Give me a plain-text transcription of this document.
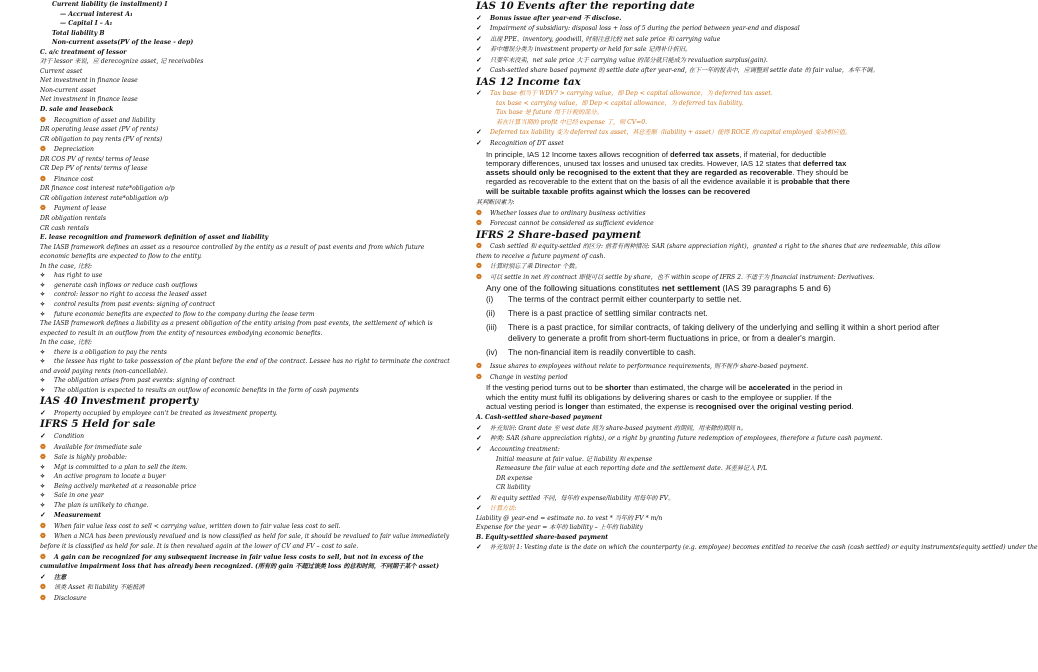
Current liability (ie installment) I
— Accrual interest A₁
— Capital I – A₁
Total liability B
Non-current assets(PV of the lease - dep)
C. a/c treatment of lessor
对于 lessor 来说，应 derecognize asset, 记 receivables
Current asset
Net investment in finance lease
Non-current asset
Net investment in finance lease
D. sale and leaseback
❁ Recognition of asset and liability
DR operating lease asset (PV of rents)
CR obligation to pay rents (PV of rents)
❁ Depreciation
DR COS PV of rents/ terms of lease
CR Dep PV of rents/ terms of lease
❁ Finance cost
DR finance cost interest rate*obligation o/p
CR obligation interest rate*obligation o/p
❁ Payment of lease
DR obligation rentals
CR cash rentals
E. lease recognition and framework definition of asset and liability
The IASB framework defines an asset as a resource controlled by the entity as a result of past events and from which future economic benefits are expected to flow to the entity.
In the case, 比较:
✧ has right to use
✧ generate cash inflows or reduce cash outflows
✧ control: lessor no right to access the leased asset
✧ control results from past events: signing of contract
✧ future economic benefits are expected to flow to the company during the lease term
The IASB framework defines a liability as a present obligation of the entity arising from past events, the settlement of which is expected to result in an outflow from the entity of resources embodying economic benefits.
In the case, 比较:
✧ there is a obligation to pay the rents
✧ the lessee has right to take possession of the plant before the end of the contract. Lessee has no right to terminate the contract and avoid paying rents (non-cancellable).
✧ The obligation arises from past events: signing of contract
✧ The obligation is expected to results an outflow of economic benefits in the form of cash payments
IAS 40 Investment property
✓ Property occupied by employee can't be treated as investment property.
IFRS 5 Held for sale
✓ Condition
❁ Available for immediate sale
❁ Sale is highly probable:
✧ Mgt is committed to a plan to sell the item.
✧ An active program to locate a buyer
✧ Being actively marketed at a reasonable price
✧ Sale in one year
✧ The plan is unlikely to change.
✓ Measurement
❁ When fair value less cost to sell < carrying value, written down to fair value less cost to sell.
❁ When a NCA has been previously revalued and is now classified as held for sale, it should be revalued to fair value immediately before it is classified as held for sale. It is then revalued again at the lower of CV and FV – cost to sale.
❁ A gain can be recognized for any subsequent increase in fair value less costs to sell, but not in excess of the cumulative impairment loss that has already been recognized. (所有的 gain 不超过该类 loss 的总和时间，不同期于某个 asset)
✓ 注意
❁ 该类 Asset 和 liability 不能抵消
❁ Disclosure
IAS 10 Events after the reporting date
✓ Bonus issue after year-end 不 disclose.
✓ Impairment of subsidiary: disposal loss + loss of 5 during the period between year-end and disposal
✓ 出现 PPE、inventory, goodwill, 时刻注意比较 net sale price 和 carrying value
✓ 若中增误分类为 investment property or held for sale 记得补计折旧。
✓ 只要年末没卖，net sale price 大于 carrying value 的部分就只能成为 revaluation surplus(gain).
✓ Cash-settled share based payment 的 settle date after year-end, 在下一年的报表中，应调整到 settle date 的 fair value，本年不调。
IAS 12 Income tax
✓ Tax base 相当于 WDV? > carrying value，即 Dep < capital allowance，为 deferred tax asset.
tax base < carrying value，即 Dep < capital allowance，为 deferred tax liability.
Tax base 是 future 用于计税的部分。
若在计算当期的 profit 中已经 expense 了，则 CV=0.
✓ Deferred tax liability 变为 deferred tax asset，其总差额（liability + asset）使得 ROCE 的 capital employed 变动相应值。
✓ Recognition of DT asset
In principle, IAS 12 Income taxes allows recognition of deferred tax assets, if material, for deductible
temporary differences, unused tax losses and unused tax credits. However, IAS 12 states that deferred tax
assets should only be recognised to the extent that they are regarded as recoverable. They should be
regarded as recoverable to the extent that on the basis of all the evidence available it is probable that there
will be suitable taxable profits against which the losses can be recovered
其判断因素为:
❁ Whether losses due to ordinary business activities
❁ Forecast cannot be considered as sufficient evidence
IFRS 2 Share-based payment
❁ Cash settled 和 equity-settled 的区分: 前者有两种情况: SAR (share appreciation right)，granted a right to the shares that are redeemable, this allow them to receive a future payment of cash.
❁ 计算时别忘了乘 Director 个数。
❁ 可以 settle in net 的 contract 即使可以 settle by share，也不 within scope of IFRS 2. 不适于为 financial instrument: Derivatives.
Any one of the following situations constitutes net settlement (IAS 39 paragraphs 5 and 6)
(i) The terms of the contract permit either counterparty to settle net.
(ii) There is a past practice of settling similar contracts net.
(iii) There is a past practice, for similar contracts, of taking delivery of the underlying and selling it within a short period after delivery to generate a profit from short-term fluctuations in price, or from a dealer's margin.
(iv) The non-financial item is readily convertible to cash.
❁ Issue shares to employees without relate to performance requirements, 则不视作 share-based payment.
❁ Change in vesting period
If the vesting period turns out to be shorter than estimated, the charge will be accelerated in the period in
which the entity must fulfil its obligations by delivering shares or cash to the employee or supplier. If the
actual vesting period is longer than estimated, the expense is recognised over the original vesting period.
A. Cash-settled share-based payment
✓ 补充知识: Grant date 至 vest date 间为 share-based payment 的期间，用来除的期间 n。
✓ 种类: SAR (share appreciation rights), or a right by granting future redemption of employees, therefore a future cash payment.
✓ Accounting treatment:
Initial measure at fair value. 记 liability 和 expense
Remeasure the fair value at each reporting date and the settlement date. 其差异记入 P/L
DR expense
CR liability
✓ 和 equity settled 不同，每年的 expense/liability 用每年的 FV。
✓ 计算方法:
Liability @ year-end = estimate no. to vest * 当年的 FV * m/n
Expense for the year = 本年的 liability – 上年的 liability
B. Equity-settled share-based payment
✓ 补充知识 1: Vesting date is the date on which the counterparty (e.g. employee) becomes entitled to receive the cash (cash settled) or equity instruments(equity settled) under the
